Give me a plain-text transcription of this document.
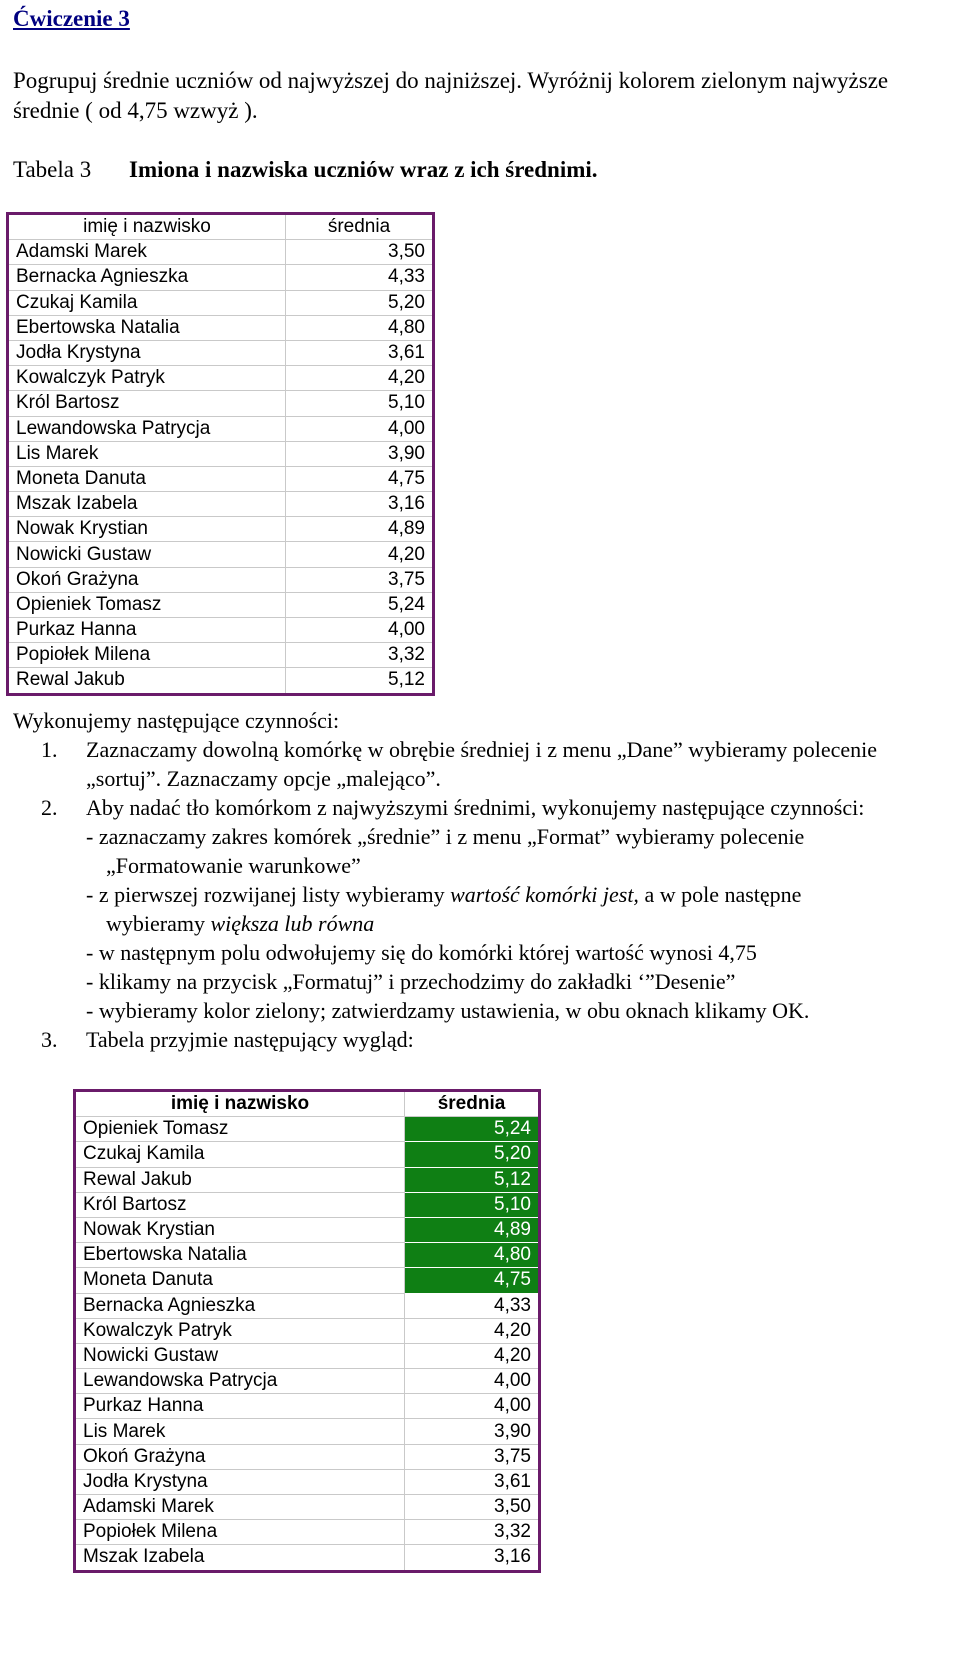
Ćwiczenie 3
Pogrupuj średnie uczniów od najwyższej do najniższej. Wyróżnij kolorem zielonym najwyższe średnie ( od 4,75 wzwyż ).
Tabela 3 Imiona i nazwiska uczniów wraz z ich średnimi.
imię i nazwisko	średnia
Adamski Marek	3,50
Bernacka Agnieszka	4,33
Czukaj Kamila	5,20
Ebertowska Natalia	4,80
Jodła Krystyna	3,61
Kowalczyk Patryk	4,20
Król Bartosz	5,10
Lewandowska Patrycja	4,00
Lis Marek	3,90
Moneta Danuta	4,75
Mszak Izabela	3,16
Nowak Krystian	4,89
Nowicki Gustaw	4,20
Okoń Grażyna	3,75
Opieniek Tomasz	5,24
Purkaz Hanna	4,00
Popiołek Milena	3,32
Rewal Jakub	5,12
Wykonujemy następujące czynności:
1.	Zaznaczamy dowolną komórkę w obrębie średniej i z menu „Dane” wybieramy polecenie „sortuj”. Zaznaczamy opcje „malejąco”.
2.	Aby nadać tło komórkom z najwyższymi średnimi, wykonujemy następujące czynności:
- zaznaczamy zakres komórek „średnie” i z menu „Format” wybieramy polecenie
„Formatowanie warunkowe”
- z pierwszej rozwijanej listy wybieramy wartość komórki jest, a w pole następne
wybieramy większa lub równa
- w następnym polu odwołujemy się do komórki której wartość wynosi 4,75
- klikamy na przycisk „Formatuj” i przechodzimy do zakładki ‘”Desenie”
- wybieramy kolor zielony; zatwierdzamy ustawienia, w obu oknach klikamy OK.
3.	Tabela przyjmie następujący wygląd:
imię i nazwisko	średnia
Opieniek Tomasz	5,24
Czukaj Kamila	5,20
Rewal Jakub	5,12
Król Bartosz	5,10
Nowak Krystian	4,89
Ebertowska Natalia	4,80
Moneta Danuta	4,75
Bernacka Agnieszka	4,33
Kowalczyk Patryk	4,20
Nowicki Gustaw	4,20
Lewandowska Patrycja	4,00
Purkaz Hanna	4,00
Lis Marek	3,90
Okoń Grażyna	3,75
Jodła Krystyna	3,61
Adamski Marek	3,50
Popiołek Milena	3,32
Mszak Izabela	3,16
